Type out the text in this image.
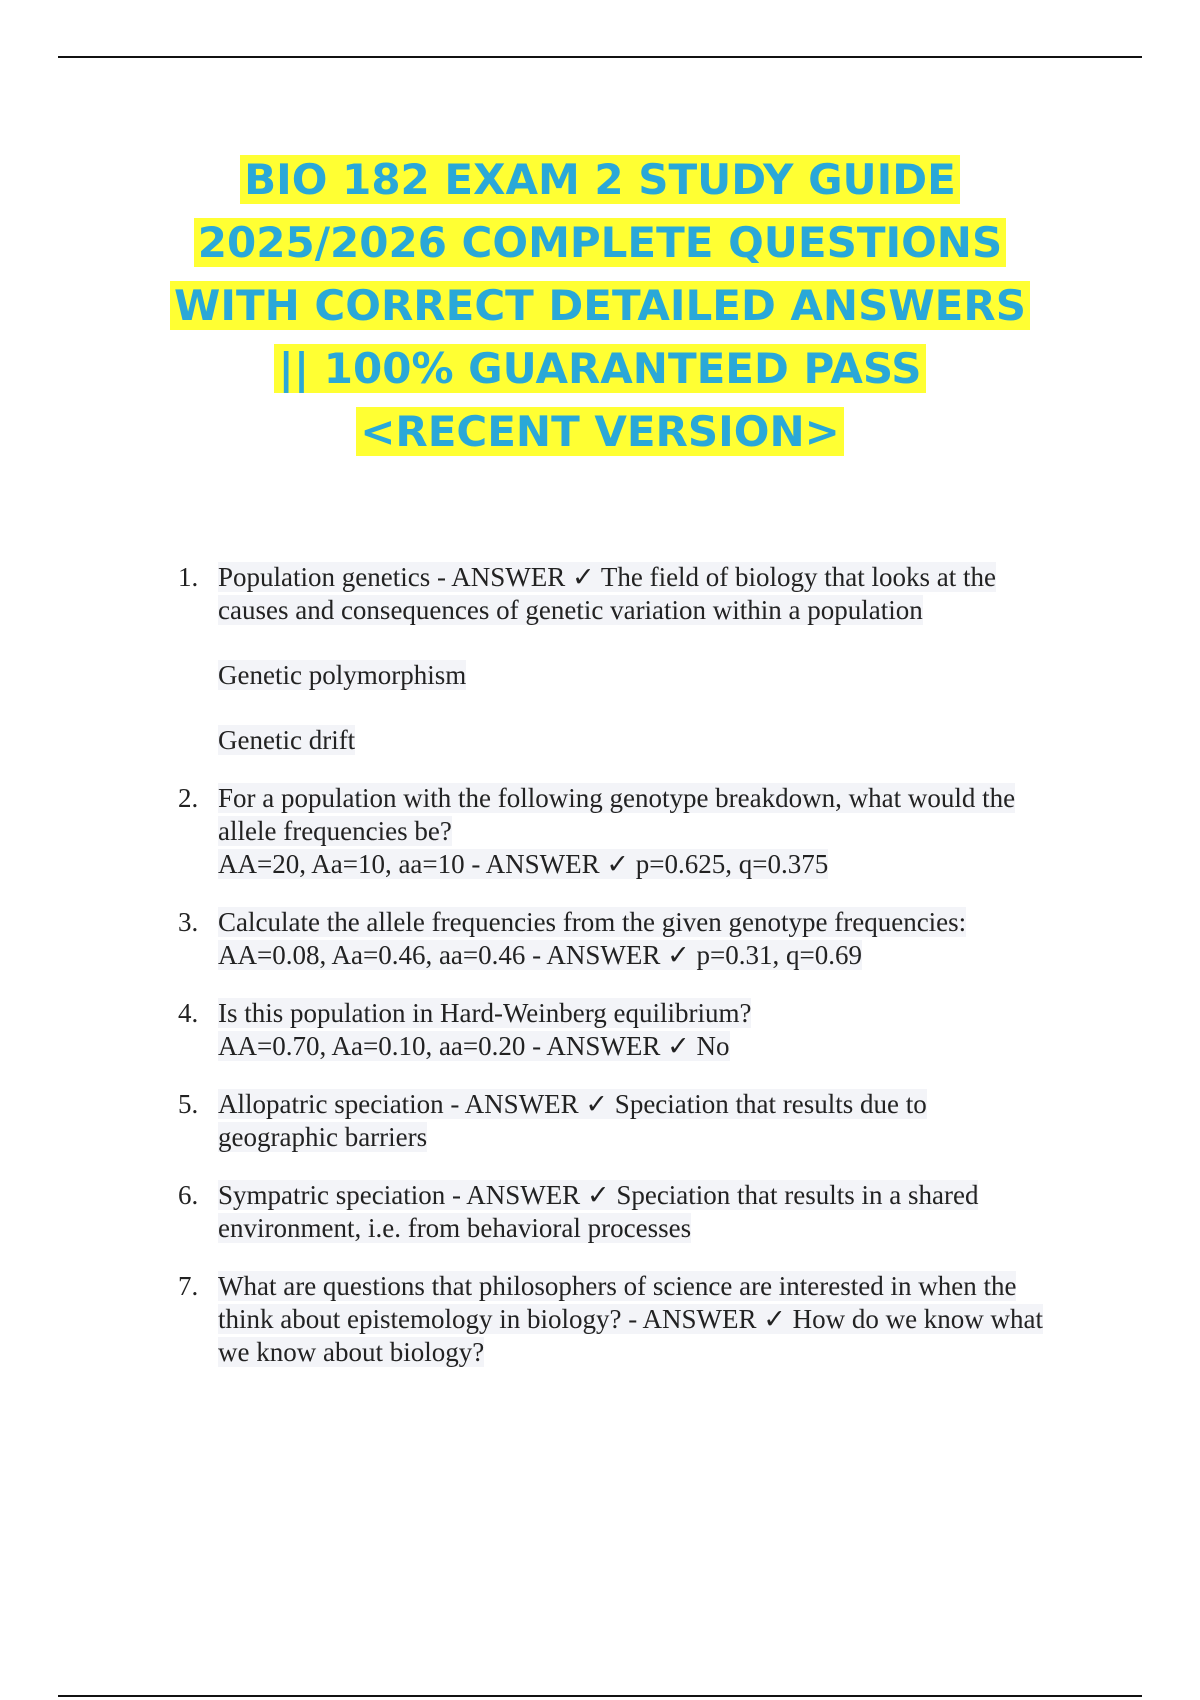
BIO 182 EXAM 2 STUDY GUIDE
2025/2026 COMPLETE QUESTIONS
WITH CORRECT DETAILED ANSWERS
|| 100% GUARANTEED PASS
<RECENT VERSION>
1. Population genetics - ANSWER ✓ The field of biology that looks at the
causes and consequences of genetic variation within a population
Genetic polymorphism
Genetic drift
2. For a population with the following genotype breakdown, what would the
allele frequencies be?
AA=20, Aa=10, aa=10 - ANSWER ✓ p=0.625, q=0.375
3. Calculate the allele frequencies from the given genotype frequencies:
AA=0.08, Aa=0.46, aa=0.46 - ANSWER ✓ p=0.31, q=0.69
4. Is this population in Hard-Weinberg equilibrium?
AA=0.70, Aa=0.10, aa=0.20 - ANSWER ✓ No
5. Allopatric speciation - ANSWER ✓ Speciation that results due to
geographic barriers
6. Sympatric speciation - ANSWER ✓ Speciation that results in a shared
environment, i.e. from behavioral processes
7. What are questions that philosophers of science are interested in when the
think about epistemology in biology? - ANSWER ✓ How do we know what
we know about biology?
